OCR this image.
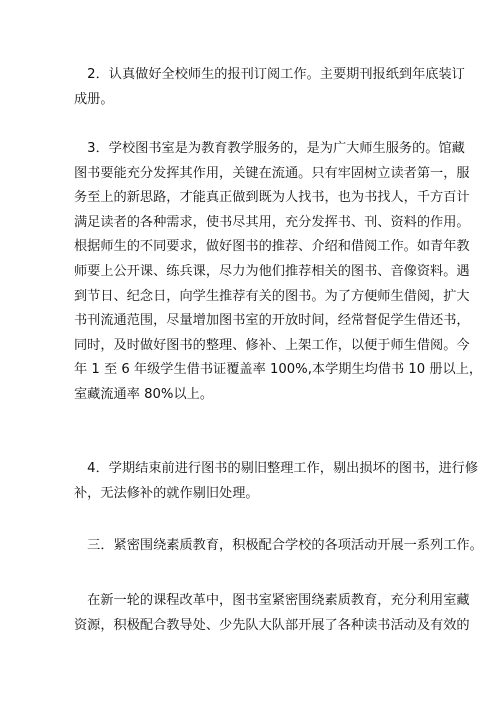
　2．认真做好全校师生的报刊订阅工作。主要期刊报纸到年底装订
成册。

　3．学校图书室是为教育教学服务的，是为广大师生服务的。馆藏
图书要能充分发挥其作用，关键在流通。只有牢固树立读者第一，服
务至上的新思路，才能真正做到既为人找书，也为书找人，千方百计
满足读者的各种需求，使书尽其用，充分发挥书、刊、资料的作用。
根据师生的不同要求，做好图书的推荐、介绍和借阅工作。如青年教
师要上公开课、练兵课，尽力为他们推荐相关的图书、音像资料。遇
到节日、纪念日，向学生推荐有关的图书。为了方便师生借阅，扩大
书刊流通范围，尽量增加图书室的开放时间，经常督促学生借还书，
同时，及时做好图书的整理、修补、上架工作，以便于师生借阅。今
年 1 至 6 年级学生借书证覆盖率 100%,本学期生均借书 10 册以上，
室藏流通率 80%以上。

　4．学期结束前进行图书的剔旧整理工作，剔出损坏的图书，进行修
补，无法修补的就作剔旧处理。

　三．紧密围绕素质教育，积极配合学校的各项活动开展一系列工作。

　在新一轮的课程改革中，图书室紧密围绕素质教育，充分利用室藏
资源，积极配合教导处、少先队大队部开展了各种读书活动及有效的
